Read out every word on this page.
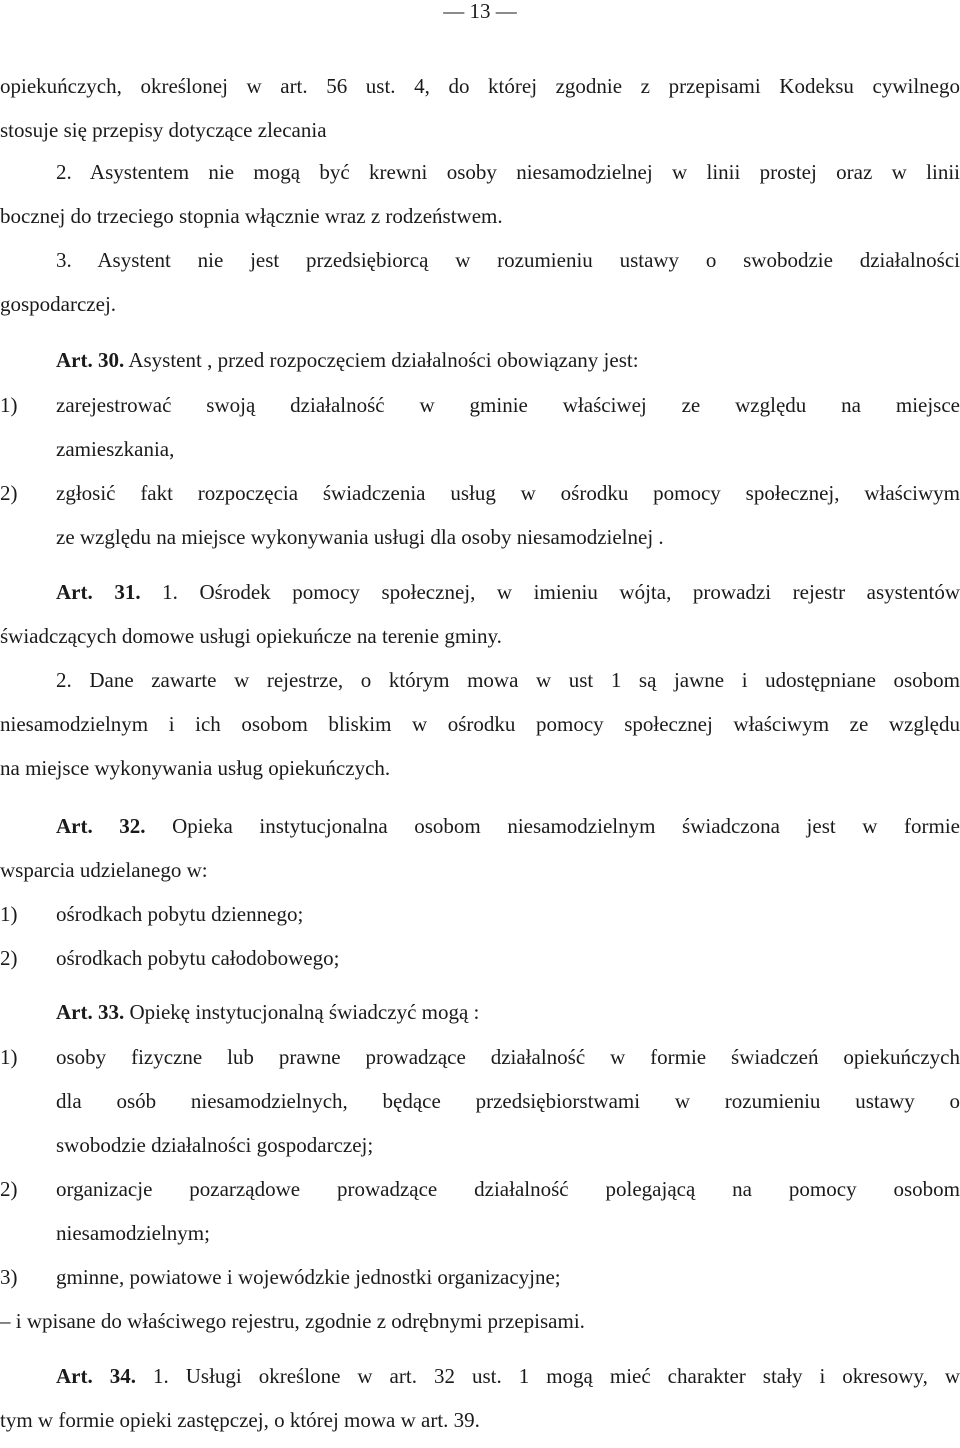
— 13 —
opiekuńczych, określonej w art. 56 ust. 4, do której zgodnie z przepisami Kodeksu cywilnego
stosuje się przepisy dotyczące zlecania
2. Asystentem nie mogą być krewni osoby niesamodzielnej w linii prostej oraz w linii
bocznej do trzeciego stopnia włącznie wraz z rodzeństwem.
3. Asystent nie jest przedsiębiorcą w rozumieniu ustawy o swobodzie działalności
gospodarczej.
Art. 30. Asystent , przed rozpoczęciem działalności obowiązany jest:
1)	zarejestrować swoją działalność w gminie właściwej ze względu na miejsce
zamieszkania,
2)	zgłosić fakt rozpoczęcia świadczenia usług w ośrodku pomocy społecznej, właściwym
ze względu na miejsce wykonywania usługi dla osoby niesamodzielnej .
Art. 31. 1. Ośrodek pomocy społecznej, w imieniu wójta, prowadzi rejestr asystentów
świadczących domowe usługi opiekuńcze na terenie gminy.
2. Dane zawarte w rejestrze, o którym mowa w ust 1 są jawne i udostępniane osobom
niesamodzielnym i ich osobom bliskim w ośrodku pomocy społecznej właściwym ze względu
na miejsce wykonywania usług opiekuńczych.
Art. 32. Opieka instytucjonalna osobom niesamodzielnym świadczona jest w formie
wsparcia udzielanego w:
1)	ośrodkach pobytu dziennego;
2)	ośrodkach pobytu całodobowego;
Art. 33. Opiekę instytucjonalną świadczyć mogą :
1)	osoby fizyczne lub prawne prowadzące działalność w formie świadczeń opiekuńczych
dla osób niesamodzielnych, będące przedsiębiorstwami w rozumieniu ustawy o
swobodzie działalności gospodarczej;
2)	organizacje pozarządowe prowadzące działalność polegającą na pomocy osobom
niesamodzielnym;
3)	gminne, powiatowe i wojewódzkie jednostki organizacyjne;
– i wpisane do właściwego rejestru, zgodnie z odrębnymi przepisami.
Art. 34. 1. Usługi określone w art. 32 ust. 1 mogą mieć charakter stały i okresowy, w
tym w formie opieki zastępczej, o której mowa w art. 39.
